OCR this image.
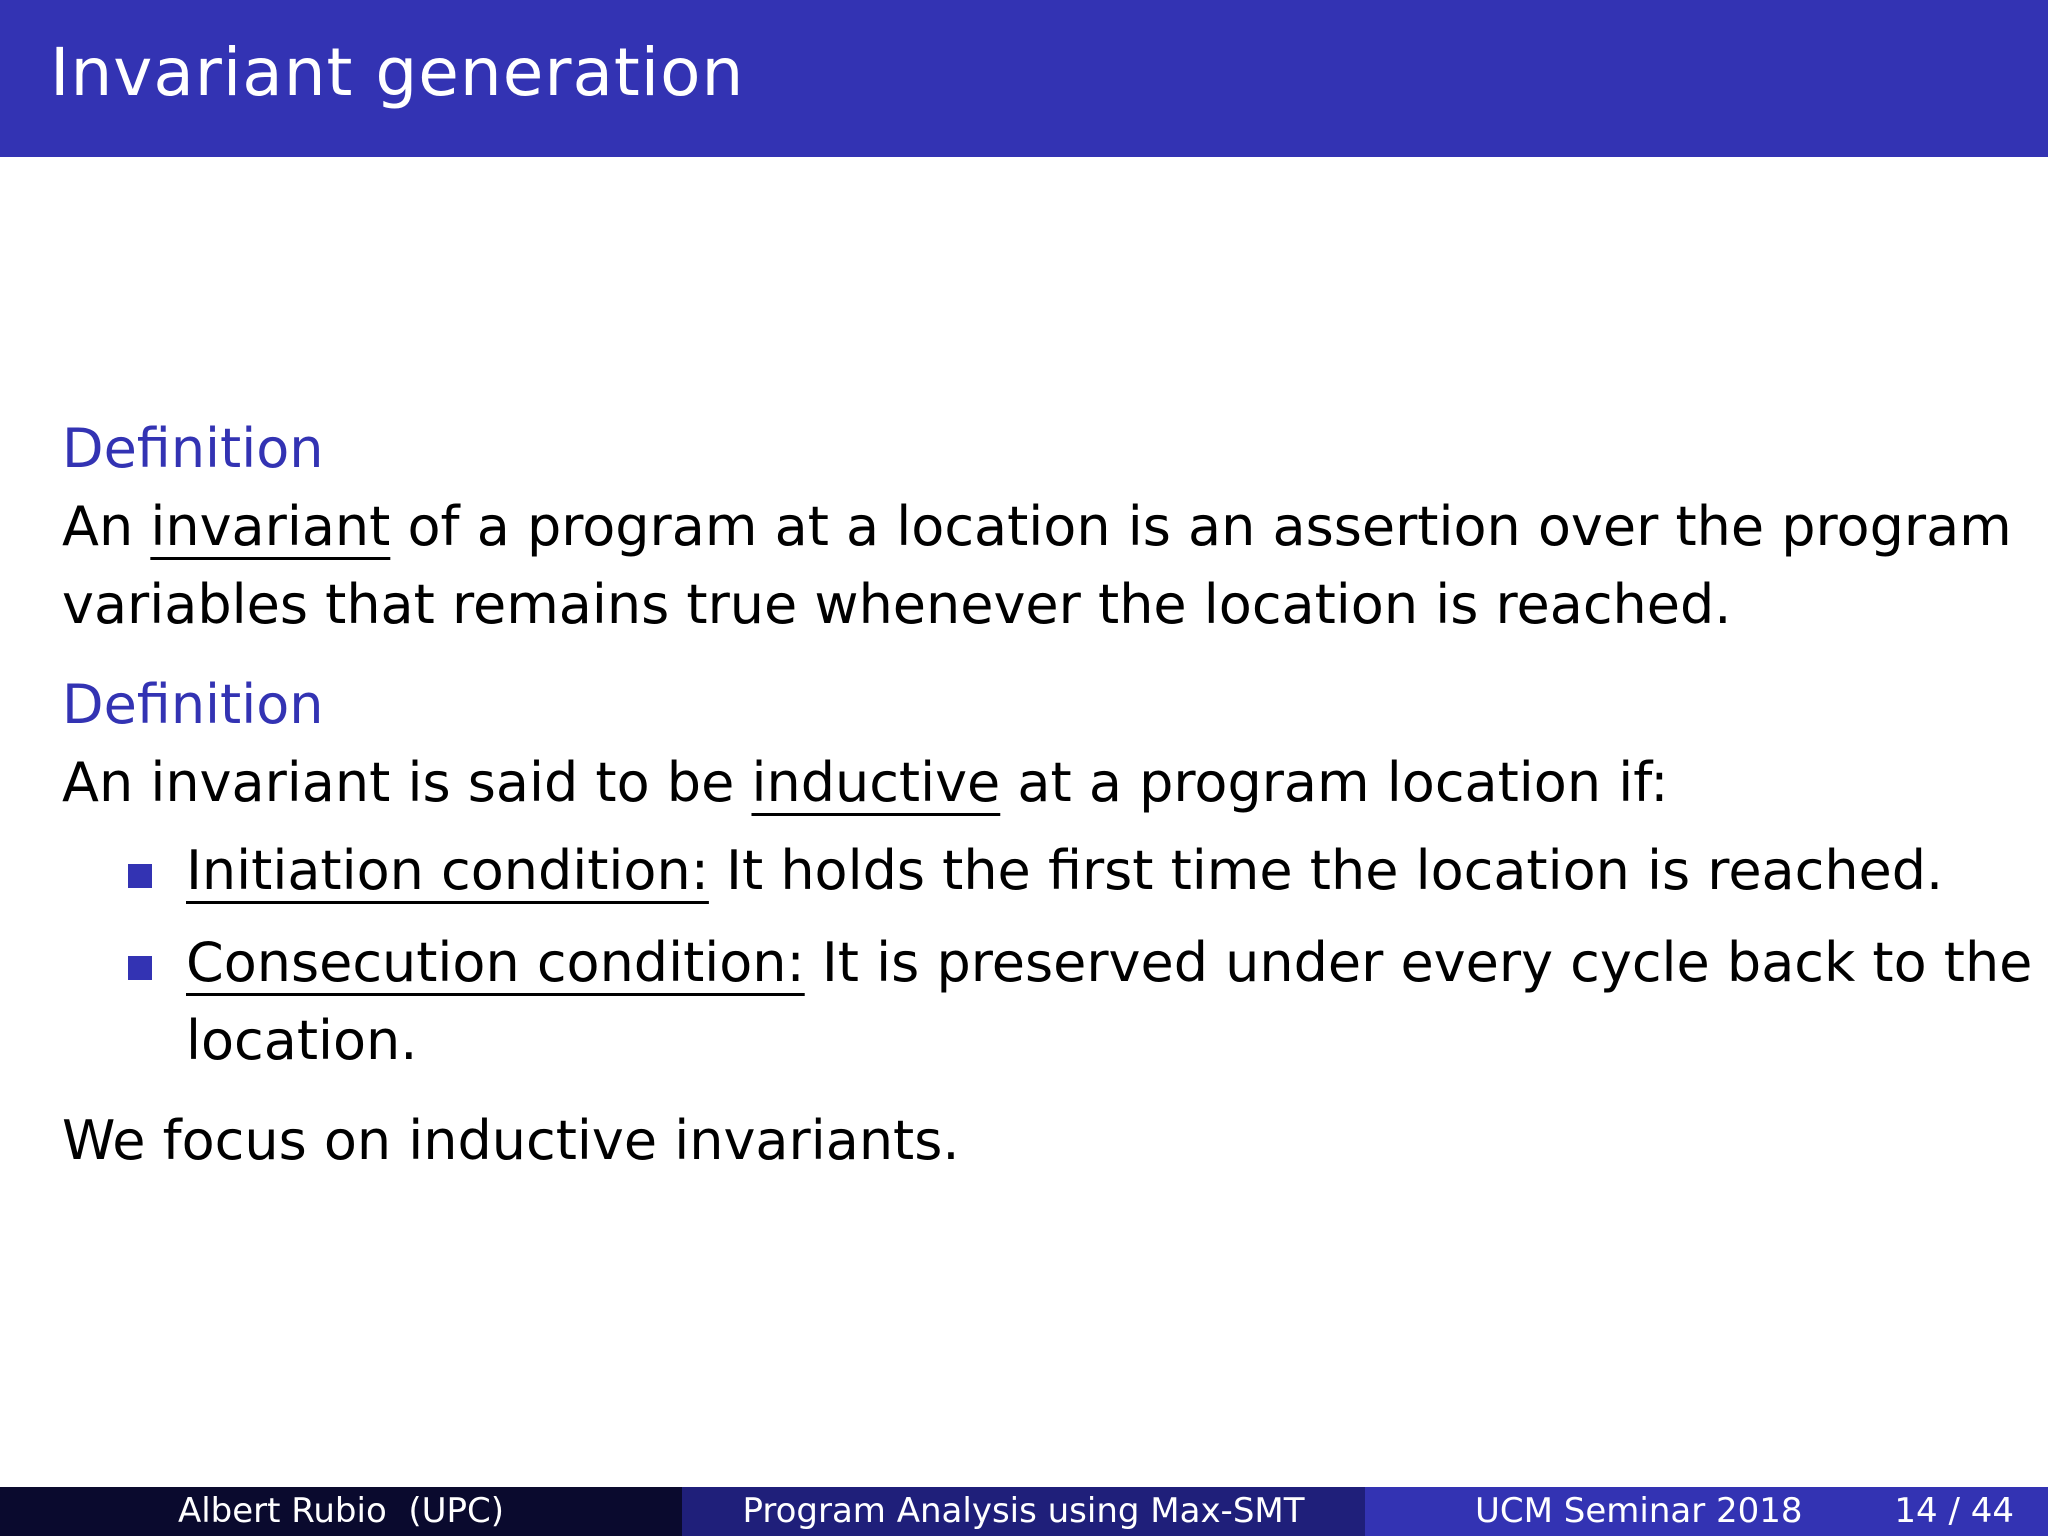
Invariant generation
Definition
An invariant of a program at a location is an assertion over the program
variables that remains true whenever the location is reached.
Definition
An invariant is said to be inductive at a program location if:
Initiation condition: It holds the first time the location is reached.
Consecution condition: It is preserved under every cycle back to the
location.
We focus on inductive invariants.
Albert Rubio  (UPC)	Program Analysis using Max-SMT	UCM Seminar 2018	14 / 44
